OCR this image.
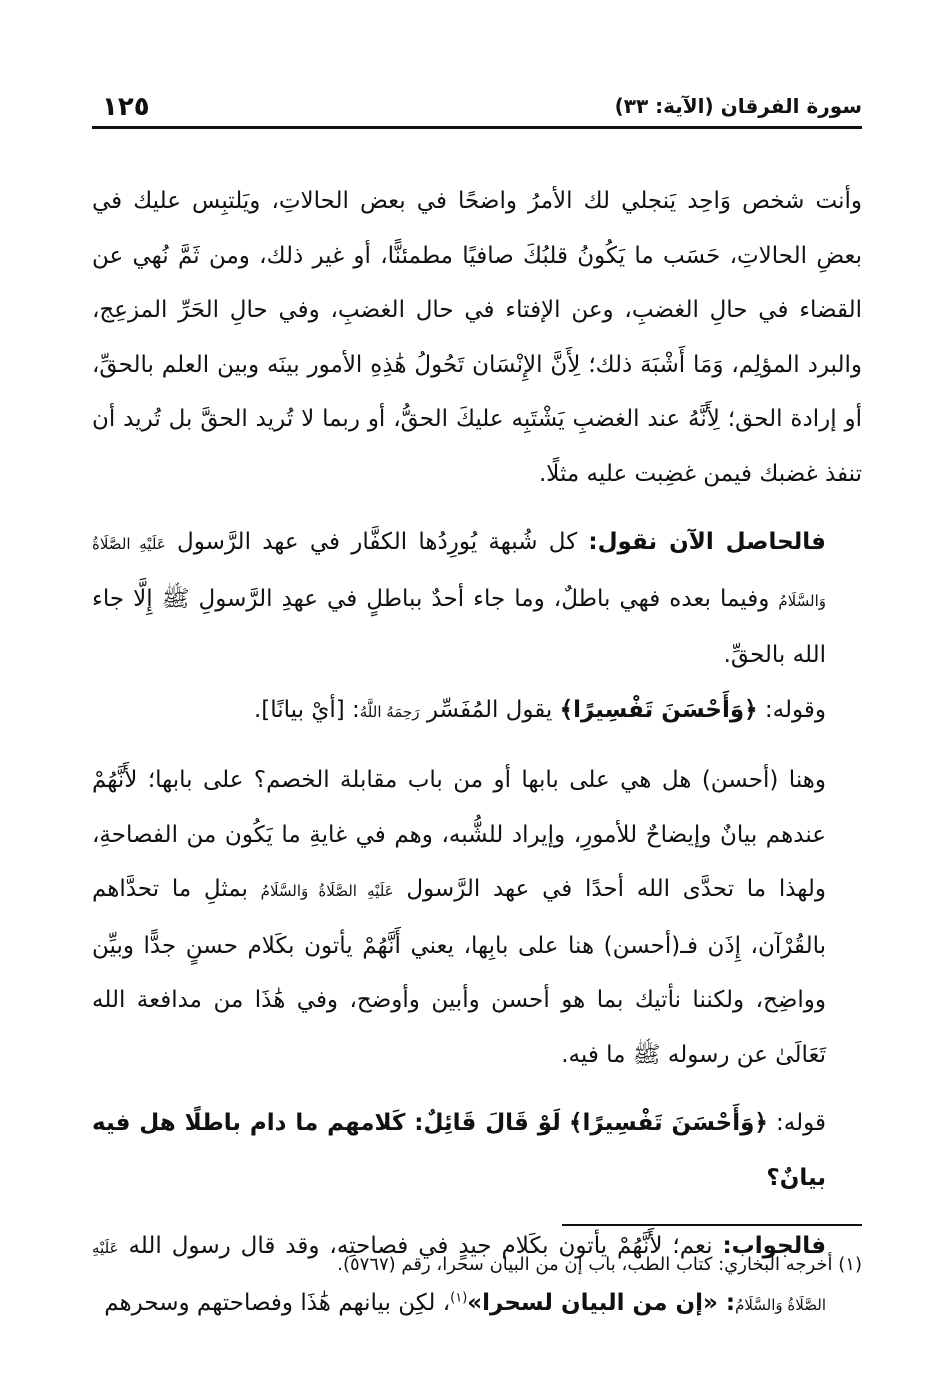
١٢٥	سورة الفرقان (الآية: ٣٣)

وأنت شخص وَاحِد يَنجلي لك الأمرُ واضحًا في بعض الحالاتِ، ويَلتبِس عليك في بعضِ الحالاتِ، حَسَب ما يَكُونُ قلبُكَ صافيًا مطمئنًّا، أو غير ذلك، ومن ثَمَّ نُهي عن القضاء في حالِ الغضبِ، وعن الإفتاء في حال الغضبِ، وفي حالِ الحَرِّ المزعِج، والبرد المؤلِم، وَمَا أَشْبَهَ ذلك؛ لِأَنَّ الإِنْسَان تَحُولُ هَٰذِهِ الأمور بينَه وبين العلم بالحقِّ، أو إرادة الحق؛ لِأَنَّهُ عند الغضبِ يَشْتَبِه عليكَ الحقُّ، أو ربما لا تُريد الحقَّ بل تُريد أن تنفذ غضبك فيمن غضِبت عليه مثلًا.

فالحاصل الآن نقول: كل شُبهة يُورِدُها الكفَّار في عهد الرَّسول عَلَيْهِ الصَّلَاةُ وَالسَّلَامُ وفيما بعده فهي باطلٌ، وما جاء أحدٌ بباطلٍ في عهدِ الرَّسولِ ﷺ إِلَّا جاء الله بالحقِّ.

وقوله: ﴿وَأَحْسَنَ تَفْسِيرًا﴾ يقول المُفَسِّر رَحِمَهُ اللَّهُ: [أيْ بيانًا].

وهنا (أحسن) هل هي على بابها أو من باب مقابلة الخصم؟ على بابها؛ لأَنَّهُمْ عندهم بيانٌ وإيضاحٌ للأمورِ، وإيراد للشُّبه، وهم في غايةِ ما يَكُون من الفصاحةِ، ولهذا ما تحدَّى الله أحدًا في عهد الرَّسول عَلَيْهِ الصَّلَاةُ وَالسَّلَامُ بمثلِ ما تحدَّاهم بالقُرْآن، إِذَن فـ(أحسن) هنا على بابِها، يعني أَنَّهُمْ يأتون بكَلام حسنٍ جدًّا وبيِّن وواضِح، ولكننا نأتيك بما هو أحسن وأبين وأوضح، وفي هَٰذَا من مدافعة الله تَعَالَىٰ عن رسوله ﷺ ما فيه.

قوله: ﴿وَأَحْسَنَ تَفْسِيرًا﴾ لَوْ قَالَ قَائِلٌ: كَلامهم ما دام باطلًا هل فيه بيانٌ؟

فالجواب: نعم؛ لأَنَّهُمْ يأتون بكَلام جيدٍ في فصاحتِه، وقد قال رسول الله عَلَيْهِ الصَّلَاةُ وَالسَّلَامُ: «إن من البيان لسحرا»$^{(١)}$، لكِن بيانهم هَٰذَا وفصاحتهم وسحرهم

(١) أخرجه البخاري: كتاب الطب، باب إن من البيان سحرا، رقم (٥٧٦٧).
